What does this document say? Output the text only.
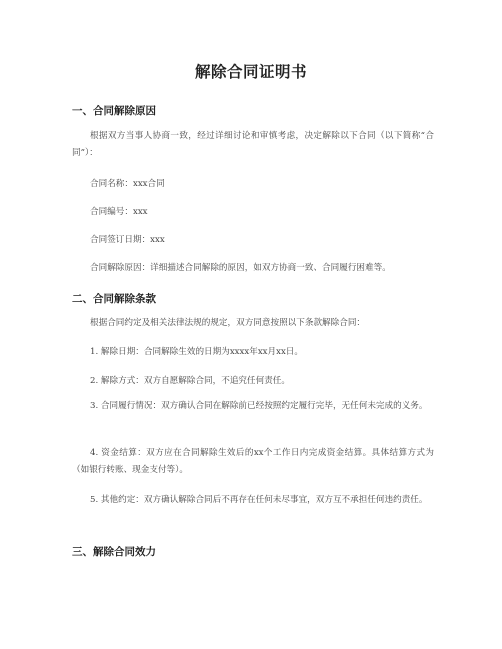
解除合同证明书
一、合同解除原因
根据双方当事人协商一致，经过详细讨论和审慎考虑，决定解除以下合同（以下简称“合同”）：
合同名称：xxx合同
合同编号：xxx
合同签订日期：xxx
合同解除原因：详细描述合同解除的原因，如双方协商一致、合同履行困难等。
二、合同解除条款
根据合同约定及相关法律法规的规定，双方同意按照以下条款解除合同：
1. 解除日期：合同解除生效的日期为xxxx年xx月xx日。
2. 解除方式：双方自愿解除合同，不追究任何责任。
3. 合同履行情况：双方确认合同在解除前已经按照约定履行完毕，无任何未完成的义务。
4. 资金结算：双方应在合同解除生效后的xx个工作日内完成资金结算。具体结算方式为（如银行转账、现金支付等）。
5. 其他约定：双方确认解除合同后不再存在任何未尽事宜，双方互不承担任何违约责任。
三、解除合同效力
